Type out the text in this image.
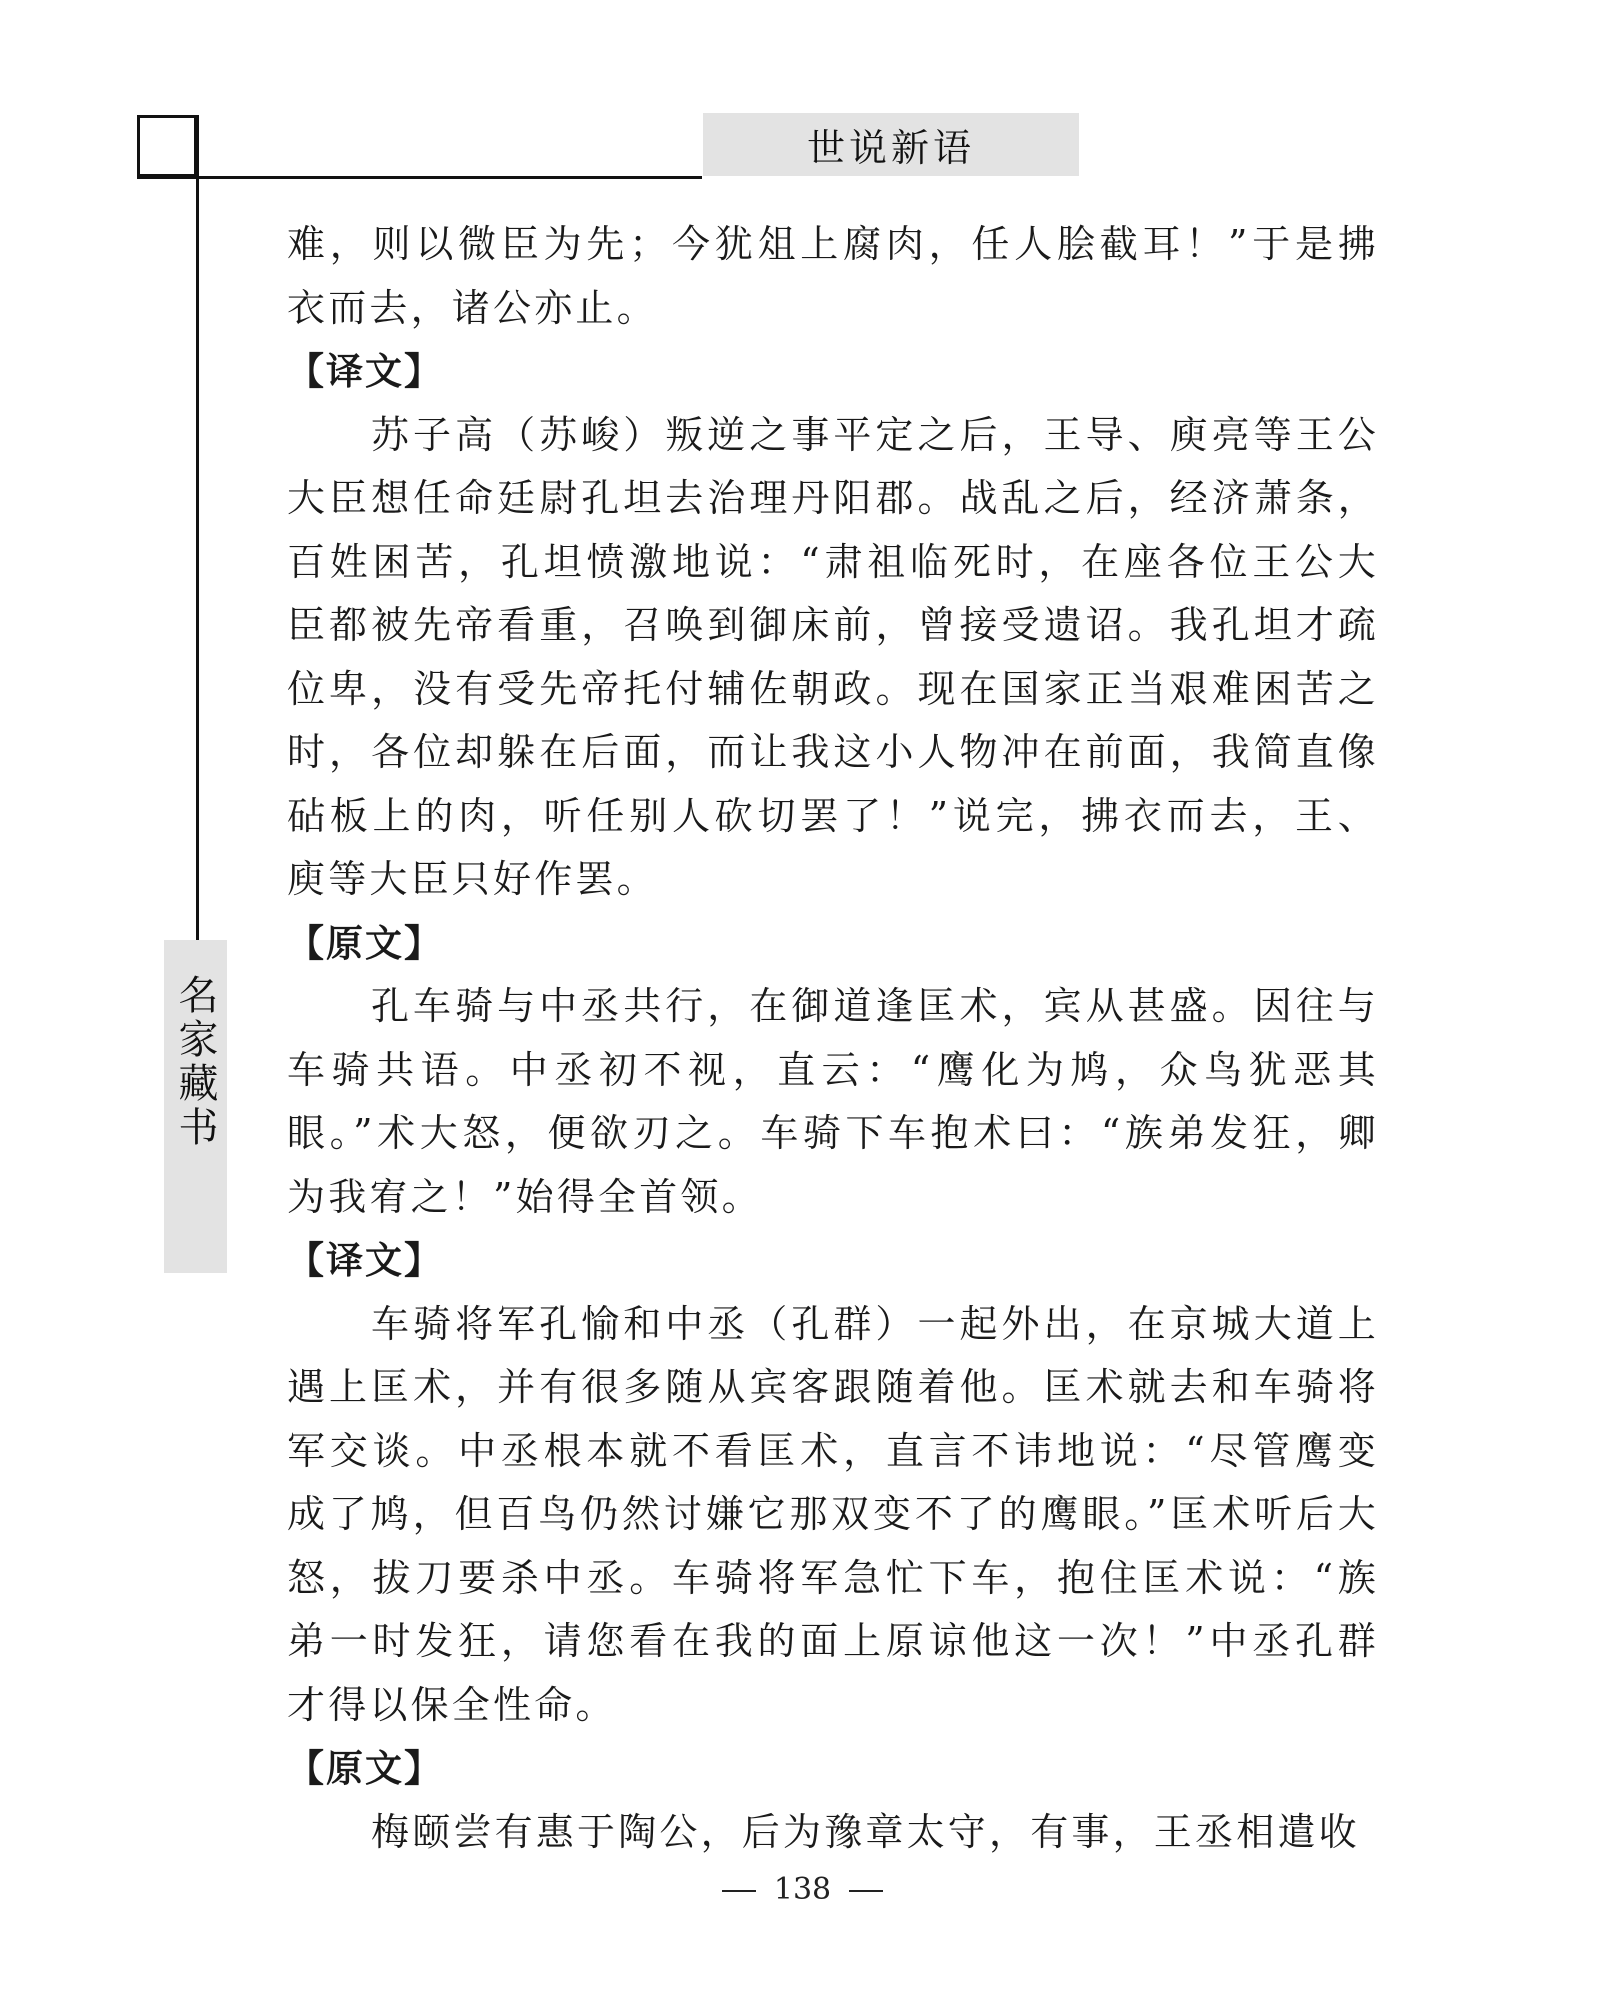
世说新语
名家藏书

难，则以微臣为先；今犹俎上腐肉，任人脍截耳！”于是拂衣而去，诸公亦止。

【译文】

苏子高（苏峻）叛逆之事平定之后，王导、庾亮等王公大臣想任命廷尉孔坦去治理丹阳郡。战乱之后，经济萧条，百姓困苦，孔坦愤激地说：“肃祖临死时，在座各位王公大臣都被先帝看重，召唤到御床前，曾接受遗诏。我孔坦才疏位卑，没有受先帝托付辅佐朝政。现在国家正当艰难困苦之时，各位却躲在后面，而让我这小人物冲在前面，我简直像砧板上的肉，听任别人砍切罢了！”说完，拂衣而去，王、庾等大臣只好作罢。

【原文】

孔车骑与中丞共行，在御道逢匡术，宾从甚盛。因往与车骑共语。中丞初不视，直云：“鹰化为鸠，众鸟犹恶其眼。”术大怒，便欲刃之。车骑下车抱术曰：“族弟发狂，卿为我宥之！”始得全首领。

【译文】

车骑将军孔愉和中丞（孔群）一起外出，在京城大道上遇上匡术，并有很多随从宾客跟随着他。匡术就去和车骑将军交谈。中丞根本就不看匡术，直言不讳地说：“尽管鹰变成了鸠，但百鸟仍然讨嫌它那双变不了的鹰眼。”匡术听后大怒，拔刀要杀中丞。车骑将军急忙下车，抱住匡术说：“族弟一时发狂，请您看在我的面上原谅他这一次！”中丞孔群才得以保全性命。

【原文】

梅颐尝有惠于陶公，后为豫章太守，有事，王丞相遣收

138
